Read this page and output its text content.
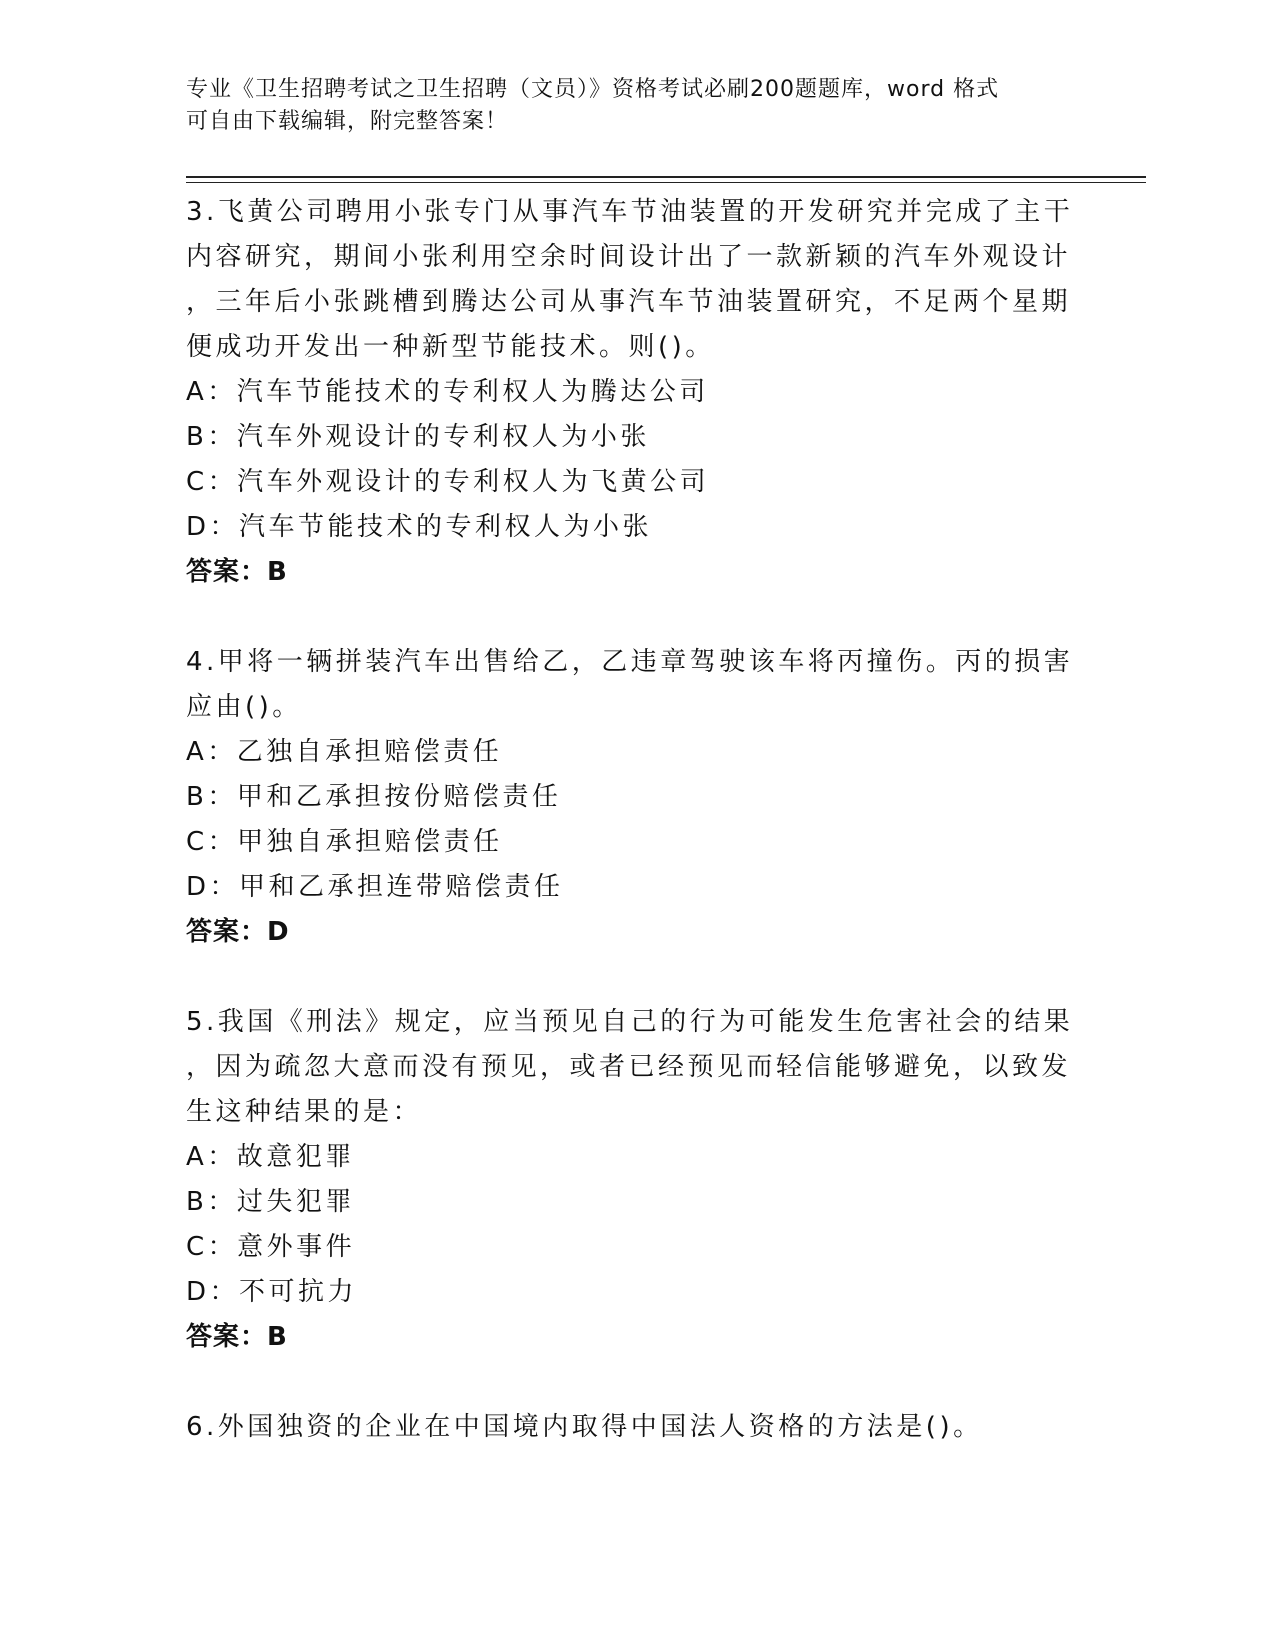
专业《卫生招聘考试之卫生招聘（文员）》资格考试必刷200题题库，word 格式
可自由下载编辑，附完整答案！
3.飞黄公司聘用小张专门从事汽车节油装置的开发研究并完成了主干
内容研究，期间小张利用空余时间设计出了一款新颖的汽车外观设计
，三年后小张跳槽到腾达公司从事汽车节油装置研究，不足两个星期
便成功开发出一种新型节能技术。则()。
A：汽车节能技术的专利权人为腾达公司
B：汽车外观设计的专利权人为小张
C：汽车外观设计的专利权人为飞黄公司
D：汽车节能技术的专利权人为小张
答案：B
4.甲将一辆拼装汽车出售给乙，乙违章驾驶该车将丙撞伤。丙的损害
应由()。
A：乙独自承担赔偿责任
B：甲和乙承担按份赔偿责任
C：甲独自承担赔偿责任
D：甲和乙承担连带赔偿责任
答案：D
5.我国《刑法》规定，应当预见自己的行为可能发生危害社会的结果
，因为疏忽大意而没有预见，或者已经预见而轻信能够避免，以致发
生这种结果的是：
A：故意犯罪
B：过失犯罪
C：意外事件
D：不可抗力
答案：B
6.外国独资的企业在中国境内取得中国法人资格的方法是()。
